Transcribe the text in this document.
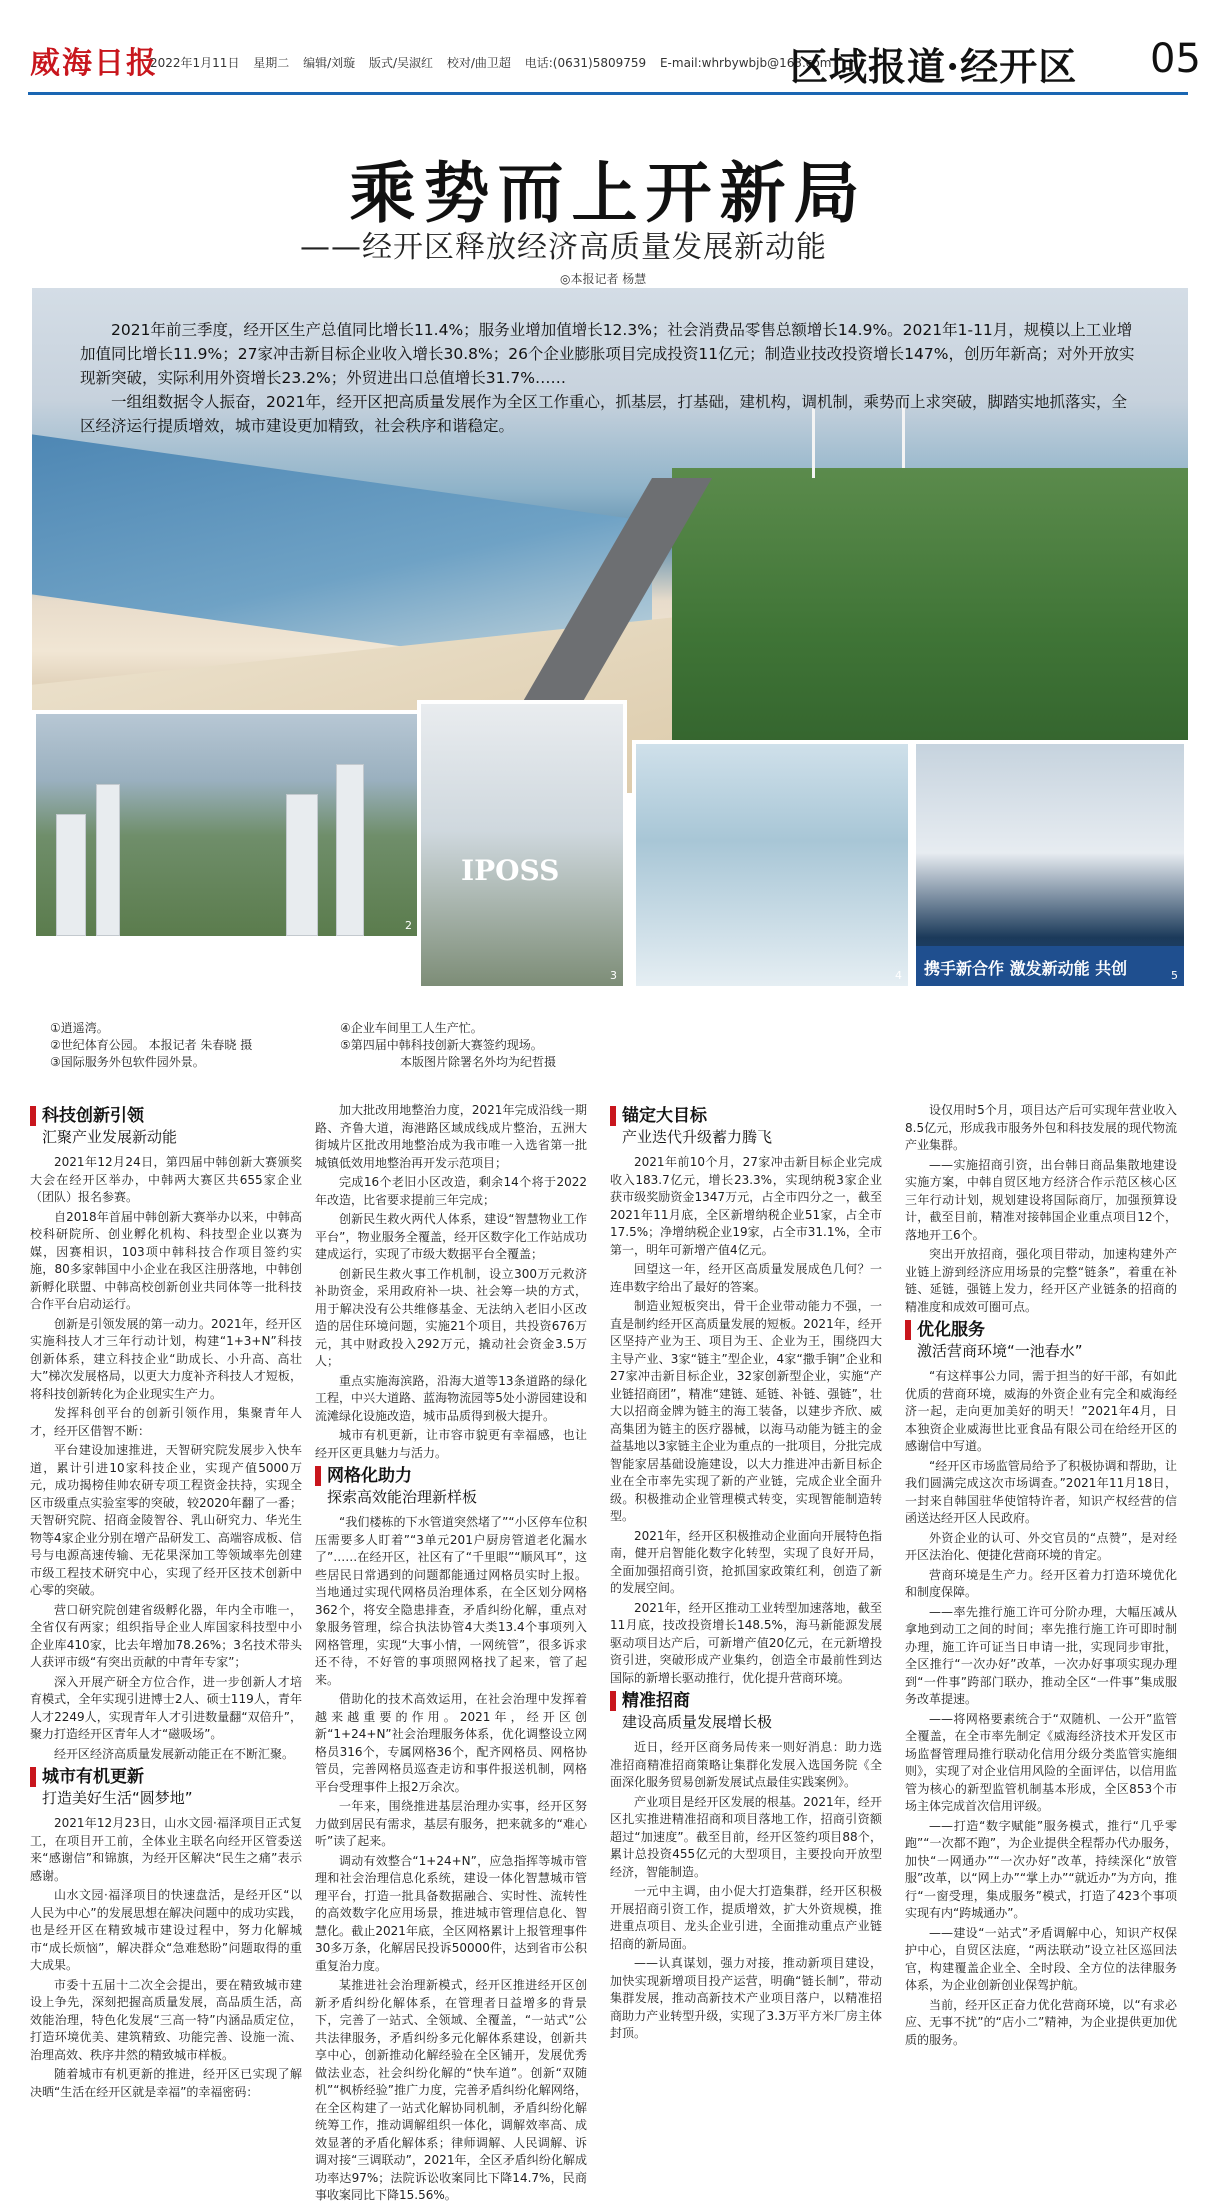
威海日报
2022年1月11日 星期二 编辑/刘璇 版式/吴淑红 校对/曲卫超 电话:(0631)5809759 E-mail:whrbywbjb@163.com
区域报道·经开区 05
乘势而上开新局
——经开区释放经济高质量发展新动能
◎本报记者 杨慧

2021年前三季度，经开区生产总值同比增长11.4%；服务业增加值增长12.3%；社会消费品零售总额增长14.9%。2021年1-11月，规模以上工业增加值同比增长11.9%；27家冲击新目标企业收入增长30.8%；26个企业膨胀项目完成投资11亿元；制造业技改投资增长147%，创历年新高；对外开放实现新突破，实际利用外资增长23.2%；外贸进出口总值增长31.7%……

一组组数据令人振奋，2021年，经开区把高质量发展作为全区工作重心，抓基层，打基础，建机构，调机制，乘势而上求突破，脚踏实地抓落实，全区经济运行提质增效，城市建设更加精致，社会秩序和谐稳定。

2
IPOSS
3	4	携手新合作 激发新动能 共创	5
①逍遥湾。
②世纪体育公园。 本报记者 朱春晓 摄
③国际服务外包软件园外景。
④企业车间里工人生产忙。
⑤第四届中韩科技创新大赛签约现场。
本版图片除署名外均为纪哲摄
科技创新引领
汇聚产业发展新动能

2021年12月24日，第四届中韩创新大赛颁奖大会在经开区举办，中韩两大赛区共655家企业（团队）报名参赛。

自2018年首届中韩创新大赛举办以来，中韩高校科研院所、创业孵化机构、科技型企业以赛为媒，因赛相识，103项中韩科技合作项目签约实施，80多家韩国中小企业在我区注册落地，中韩创新孵化联盟、中韩高校创新创业共同体等一批科技合作平台启动运行。

创新是引领发展的第一动力。2021年，经开区实施科技人才三年行动计划，构建“1+3+N”科技创新体系，建立科技企业“助成长、小升高、高壮大”梯次发展格局，以更大力度补齐科技人才短板，将科技创新转化为企业现实生产力。

发挥科创平台的创新引领作用，集聚青年人才，经开区借智不断：

平台建设加速推进，天智研究院发展步入快车道，累计引进10家科技企业，实现产值5000万元，成功揭榜佳帅农研专项工程资金扶持，实现全区市级重点实验室零的突破，较2020年翻了一番；天智研究院、招商金陵智谷、乳山研究力、华光生物等4家企业分别在增产品研发工、高端容成板、信号与电源高速传输、无花果深加工等领域率先创建市级工程技术研究中心，实现了经开区技术创新中心零的突破。

营口研究院创建省级孵化器，年内全市唯一，全省仅有两家；组织指导企业人库国家科技型中小企业库410家，比去年增加78.26%；3名技术带头人获评市级“有突出贡献的中青年专家”；

深入开展产研全方位合作，进一步创新人才培育模式，全年实现引进博士2人、硕士119人，青年人才2249人，实现青年人才引进数量翻“双倍升”，聚力打造经开区青年人才“磁吸场”。

经开区经济高质量发展新动能正在不断汇聚。

城市有机更新
打造美好生活“圆梦地”

2021年12月23日，山水文园·福泽项目正式复工，在项目开工前，全体业主联名向经开区管委送来“感谢信”和锦旗，为经开区解决“民生之痛”表示感谢。

山水文园·福泽项目的快速盘活，是经开区“以人民为中心”的发展思想在解决问题中的成功实践，也是经开区在精致城市建设过程中，努力化解城市“成长烦恼”，解决群众“急难愁盼”问题取得的重大成果。

市委十五届十二次全会提出，要在精致城市建设上争先，深刻把握高质量发展，高品质生活，高效能治理，特色化发展“三高一特”内涵品质定位，打造环境优美、建筑精致、功能完善、设施一流、治理高效、秩序井然的精致城市样板。

随着城市有机更新的推进，经开区已实现了解决晒“生活在经开区就是幸福”的幸福密码：

加大批改用地整治力度，2021年完成沿线一期路、齐鲁大道，海港路区域成线成片整治，五洲大街城片区批改用地整治成为我市唯一入选省第一批城镇低效用地整治再开发示范项目；

完成16个老旧小区改造，剩余14个将于2022年改造，比省要求提前三年完成；

创新民生救火两代人体系，建设“智慧物业工作平台”，物业服务全覆盖，经开区数字化工作站成功建成运行，实现了市级大数据平台全覆盖；

创新民生救火事工作机制，设立300万元救济补助资金，采用政府补一块、社会筹一块的方式，用于解决没有公共维修基金、无法纳入老旧小区改造的居住环境问题，实施21个项目，共投资676万元，其中财政投入292万元，撬动社会资金3.5万人；

重点实施海滨路，沿海大道等13条道路的绿化工程，中兴大道路、蓝海物流园等5处小游园建设和流滩绿化设施改造，城市品质得到极大提升。

城市有机更新，让市容市貌更有幸福感，也让经开区更具魅力与活力。

网格化助力
探索高效能治理新样板

“我们楼栋的下水管道突然堵了”“小区停车位积压需要多人盯着”“3单元201户厨房管道老化漏水了”……在经开区，社区有了“千里眼”“顺风耳”，这些居民日常遇到的问题都能通过网格员实时上报。当地通过实现代网格员治理体系，在全区划分网格362个，将安全隐患排查，矛盾纠纷化解，重点对象服务管理，综合执法协管4大类13.4个事项列入网格管理，实现“大事小情，一网统管”，很多诉求还不待，不好管的事项照网格找了起来，管了起来。

借助化的技术高效运用，在社会治理中发挥着越来越重要的作用。2021年，经开区创新“1+24+N”社会治理服务体系，优化调整设立网格员316个，专属网格36个，配齐网格员、网格协管员，完善网格员巡查走访和事件报送机制，网格平台受理事件上报2万余次。

一年来，围绕推进基层治理办实事，经开区努力做到居民有需求，基层有服务，把来就多的“难心听”读了起来。

调动有效整合“1+24+N”，应急指挥等城市管理和社会治理信息化系统，建设一体化智慧城市管理平台，打造一批具备数据融合、实时性、流转性的高效数字化应用场景，推进城市管理信息化、智慧化。截止2021年底，全区网格累计上报管理事件30多万条，化解居民投诉50000件，达到省市公积重复治力度。

某推进社会治理新模式，经开区推进经开区创新矛盾纠纷化解体系，在管理者日益增多的背景下，完善了一站式、全领域、全覆盖，“一站式”公共法律服务，矛盾纠纷多元化解体系建设，创新共享中心，创新推动化解经验在全区铺开，发展优秀做法业态，社会纠纷化解的“快车道”。创新“双随机”“枫桥经验”推广力度，完善矛盾纠纷化解网络，在全区构建了一站式化解协同机制，矛盾纠纷化解统筹工作，推动调解组织一体化，调解效率高、成效显著的矛盾化解体系；律师调解、人民调解、诉调对接“三调联动”，2021年，全区矛盾纠纷化解成功率达97%；法院诉讼收案同比下降14.7%，民商事收案同比下降15.56%。

锚定大目标
产业迭代升级蓄力腾飞

2021年前10个月，27家冲击新目标企业完成收入183.7亿元，增长23.3%，实现纳税3家企业获市级奖励资金1347万元，占全市四分之一，截至2021年11月底，全区新增纳税企业51家，占全市17.5%；净增纳税企业19家，占全市31.1%，全市第一，明年可新增产值4亿元。

回望这一年，经开区高质量发展成色几何？一连串数字给出了最好的答案。

制造业短板突出，骨干企业带动能力不强，一直是制约经开区高质量发展的短板。2021年，经开区坚持产业为王、项目为王、企业为王，围绕四大主导产业、3家“链主”型企业，4家“撒手锏”企业和27家冲击新目标企业，32家创新型企业，实施“产业链招商团”，精准“建链、延链、补链、强链”，壮大以招商金牌为链主的海工装备，以建步齐欣、威高集团为链主的医疗器械，以海马动能为链主的金益基地以3家链主企业为重点的一批项目，分批完成智能家居基础设施建设，以大力推进冲击新目标企业在全市率先实现了新的产业链，完成企业全面升级。积极推动企业管理模式转变，实现智能制造转型。

2021年，经开区积极推动企业面向开展特色指南，健开启智能化数字化转型，实现了良好开局，全面加强招商引资，抢抓国家政策红利，创造了新的发展空间。

2021年，经开区推动工业转型加速落地，截至11月底，技改投资增长148.5%，海马新能源发展驱动项目达产后，可新增产值20亿元，在元新增投资引进，突破形成产业集约，创造全市最前性到达国际的新增长驱动推行，优化提升营商环境。

精准招商
建设高质量发展增长极

近日，经开区商务局传来一则好消息：助力选准招商精准招商策略让集群化发展入选国务院《全面深化服务贸易创新发展试点最佳实践案例》。

产业项目是经开区发展的根基。2021年，经开区扎实推进精准招商和项目落地工作，招商引资额超过“加速度”。截至目前，经开区签约项目88个，累计总投资455亿元的大型项目，主要投向开放型经济，智能制造。

一元中主调，由小促大打造集群，经开区积极开展招商引资工作，提质增效，扩大外资规模，推进重点项目、龙头企业引进，全面推动重点产业链招商的新局面。

——认真谋划，强力对接，推动新项目建设，加快实现新增项目投产运营，明确“链长制”，带动集群发展，推动高新技术产业项目落户，以精准招商助力产业转型升级，实现了3.3万平方米厂房主体封顶。

设仅用时5个月，项目达产后可实现年营业收入8.5亿元，形成我市服务外包和科技发展的现代物流产业集群。

——实施招商引资，出台韩日商品集散地建设实施方案，中韩自贸区地方经济合作示范区核心区三年行动计划，规划建设将国际商厅，加强预算设计，截至目前，精准对接韩国企业重点项目12个，落地开工6个。

突出开放招商，强化项目带动，加速构建外产业链上游到经济应用场景的完整“链条”，着重在补链、延链，强链上发力，经开区产业链条的招商的精准度和成效可圈可点。

优化服务
激活营商环境“一池春水”

“有这样事公力同，需于担当的好干部，有如此优质的营商环境，威海的外资企业有完全和威海经济一起，走向更加美好的明天！”2021年4月，日本独资企业威海世比亚食品有限公司在给经开区的感谢信中写道。

“经开区市场监管局给予了积极协调和帮助，让我们圆满完成这次市场调查。”2021年11月18日，一封来自韩国驻华使馆特许者，知识产权经营的信函送达经开区人民政府。

外资企业的认可、外交官员的“点赞”，是对经开区法治化、便捷化营商环境的肯定。

营商环境是生产力。经开区着力打造环境优化和制度保障。

——率先推行施工许可分阶办理，大幅压减从拿地到动工之间的时间；率先推行施工许可即时制办理，施工许可证当日申请一批，实现同步审批，全区推行“一次办好”改革，一次办好事项实现办理到“一件事”跨部门联办，推动全区“一件事”集成服务改革提速。

——将网格要素统合于“双随机、一公开”监管全覆盖，在全市率先制定《威海经济技术开发区市场监督管理局推行联动化信用分级分类监管实施细则》，实现了对企业信用风险的全面评估，以信用监管为核心的新型监管机制基本形成，全区853个市场主体完成首次信用评级。

——打造“数字赋能”服务模式，推行“几乎零跑”“一次都不跑”，为企业提供全程帮办代办服务，加快“一网通办”“一次办好”改革，持续深化“放管服”改革，以“网上办”“掌上办”“就近办”为方向，推行“一窗受理，集成服务”模式，打造了423个事项实现有内“跨城通办”。

——建设“一站式”矛盾调解中心，知识产权保护中心，自贸区法庭，“两法联动”设立社区巡回法官，构建覆盖企业全、全时段、全方位的法律服务体系，为企业创新创业保驾护航。

当前，经开区正奋力优化营商环境，以“有求必应、无事不扰”的“店小二”精神，为企业提供更加优质的服务。
